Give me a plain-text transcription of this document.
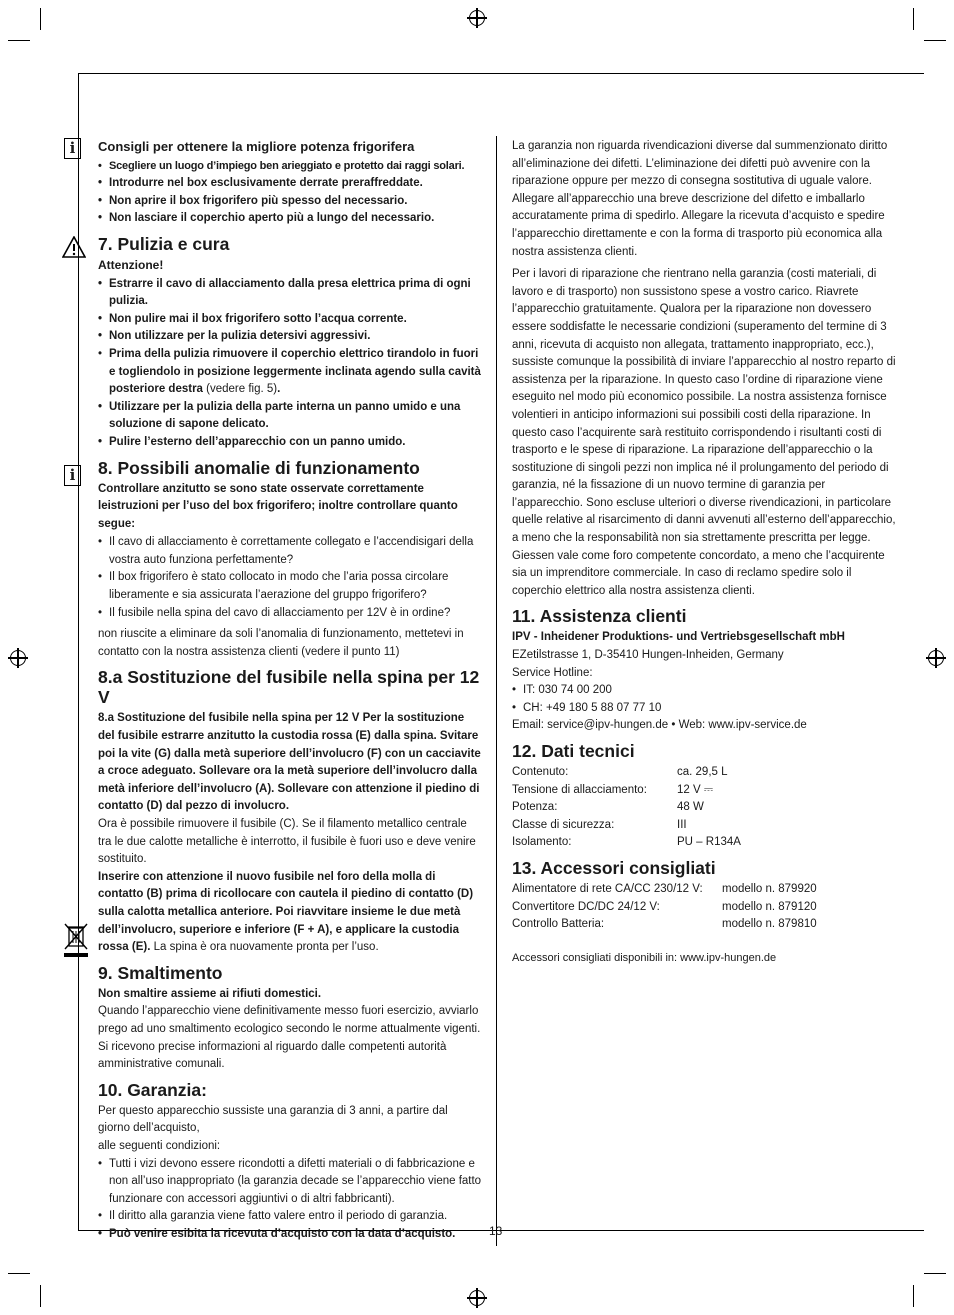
13
i
i
Consigli per ottenere la migliore potenza frigorifera
• Scegliere un luogo d’impiego ben arieggiato e protetto dai raggi solari.
• Introdurre nel box esclusivamente derrate preraffreddate.
• Non aprire il box frigorifero più spesso del necessario.
• Non lasciare il coperchio aperto più a lungo del necessario.
7. Pulizia e cura
Attenzione!
• Estrarre il cavo di allacciamento dalla presa elettrica prima di ogni pulizia.
• Non pulire mai il box frigorifero sotto l’acqua corrente.
• Non utilizzare per la pulizia detersivi aggressivi.
• Prima della pulizia rimuovere il coperchio elettrico tirandolo in fuori e togliendolo in posizione leggermente inclinata agendo sulla cavità posteriore destra (vedere fig. 5).
• Utilizzare per la pulizia della parte interna un panno umido e una soluzione di sapone delicato.
• Pulire l’esterno dell’apparecchio con un panno umido.
8. Possibili anomalie di funzionamento

Controllare anzitutto se sono state osservate correttamente leistruzioni per l’uso del box frigorifero; inoltre controllare quanto segue:

• Il cavo di allacciamento è correttamente collegato e l’accendisigari della vostra auto funziona perfettamente?
• Il box frigorifero è stato collocato in modo che l’aria possa circolare liberamente e sia assicurata l’aerazione del gruppo frigorifero?
• Il fusibile nella spina del cavo di allacciamento per 12V è in ordine?

non riuscite a eliminare da soli l’anomalia di funzionamento, mettetevi in contatto con la nostra assistenza clienti (vedere il punto 11)

8.a Sostituzione del fusibile nella spina per 12 V

8.a Sostituzione del fusibile nella spina per 12 V Per la sostituzione del fusibile estrarre anzitutto la custodia rossa (E) dalla spina. Svitare poi la vite (G) dalla metà superiore dell’involucro (F) con un cacciavite a croce adeguato. Sollevare ora la metà superiore dell’involucro dalla metà inferiore dell’involucro (A). Sollevare con attenzione il piedino di contatto (D) dal pezzo di involucro.

Ora è possibile rimuovere il fusibile (C). Se il filamento metallico centrale tra le due calotte metalliche è interrotto, il fusibile è fuori uso e deve venire sostituito.

Inserire con attenzione il nuovo fusibile nel foro della molla di contatto (B) prima di ricollocare con cautela il piedino di contatto (D) sulla calotta metallica anteriore. Poi riavvitare insieme le due metà dell’involucro, superiore e inferiore (F + A), e applicare la custodia rossa (E). La spina è ora nuovamente pronta per l’uso.

9. Smaltimento

Non smaltire assieme ai rifiuti domestici.

Quando l’apparecchio viene definitivamente messo fuori esercizio, avviarlo prego ad uno smaltimento ecologico secondo le norme attualmente vigenti. Si ricevono precise informazioni al riguardo dalle competenti autorità amministrative comunali.

10. Garanzia:

Per questo apparecchio sussiste una garanzia di 3 anni, a partire dal giorno dell’acquisto,

alle seguenti condizioni:

• Tutti i vizi devono essere ricondotti a difetti materiali o di fabbricazione e non all’uso inappropriato (la garanzia decade se l’apparecchio viene fatto funzionare con accessori aggiuntivi o di altri fabbricanti).
• Il diritto alla garanzia viene fatto valere entro il periodo di garanzia.
• Può venire esibita la ricevuta d’acquisto con la data d’acquisto.

La garanzia non riguarda rivendicazioni diverse dal summenzionato diritto all’eliminazione dei difetti. L’eliminazione dei difetti può avvenire con la riparazione oppure per mezzo di consegna sostitutiva di uguale valore. Allegare all’apparecchio una breve descrizione del difetto e imballarlo accuratamente prima di spedirlo. Allegare la ricevuta d’acquisto e spedire l’apparecchio direttamente e con la forma di trasporto più economica alla nostra assistenza clienti.

Per i lavori di riparazione che rientrano nella garanzia (costi materiali, di lavoro e di trasporto) non sussistono spese a vostro carico. Riavrete l’apparecchio gratuitamente. Qualora per la riparazione non dovessero essere soddisfatte le necessarie condizioni (superamento del termine di 3 anni, ricevuta di acquisto non allegata, trattamento inappropriato, ecc.), sussiste comunque la possibilità di inviare l’apparecchio al nostro reparto di assistenza per la riparazione. In questo caso l’ordine di riparazione viene eseguito nel modo più economico possibile. La nostra assistenza fornisce volentieri in anticipo informazioni sui possibili costi della riparazione. In questo caso l’acquirente sarà restituito corrispondendo i risultanti costi di trasporto e le spese di riparazione. La riparazione dell’apparecchio o la sostituzione di singoli pezzi non implica né il prolungamento del periodo di garanzia, né la fissazione di un nuovo termine di garanzia per l’apparecchio. Sono escluse ulteriori o diverse rivendicazioni, in particolare quelle relative al risarcimento di danni avvenuti all’esterno dell’apparecchio, a meno che la responsabilità non sia strettamente prescritta per legge. Giessen vale come foro competente concordato, a meno che l’acquirente sia un imprenditore commerciale. In caso di reclamo spedire solo il coperchio elettrico alla nostra assistenza clienti.

11. Assistenza clienti
IPV - Inheidener Produktions- und Vertriebsgesellschaft mbH
EZetilstrasse 1, D-35410 Hungen-Inheiden, Germany
Service Hotline:
• IT: 030 74 00 200
• CH: +49 180 5 88 07 77 10
Email: service@ipv-hungen.de • Web: www.ipv-service.de
12. Dati tecnici
Contenuto:	ca. 29,5 L
Tensione di allacciamento:	12 V ⎓
Potenza:	48 W
Classe di sicurezza:	III
Isolamento:	PU – R134A
13. Accessori consigliati
Alimentatore di rete CA/CC 230/12 V:	modello n. 879920
Convertitore DC/DC 24/12 V:	modello n. 879120
Controllo Batteria:	modello n. 879810

Accessori consigliati disponibili in: www.ipv-hungen.de
